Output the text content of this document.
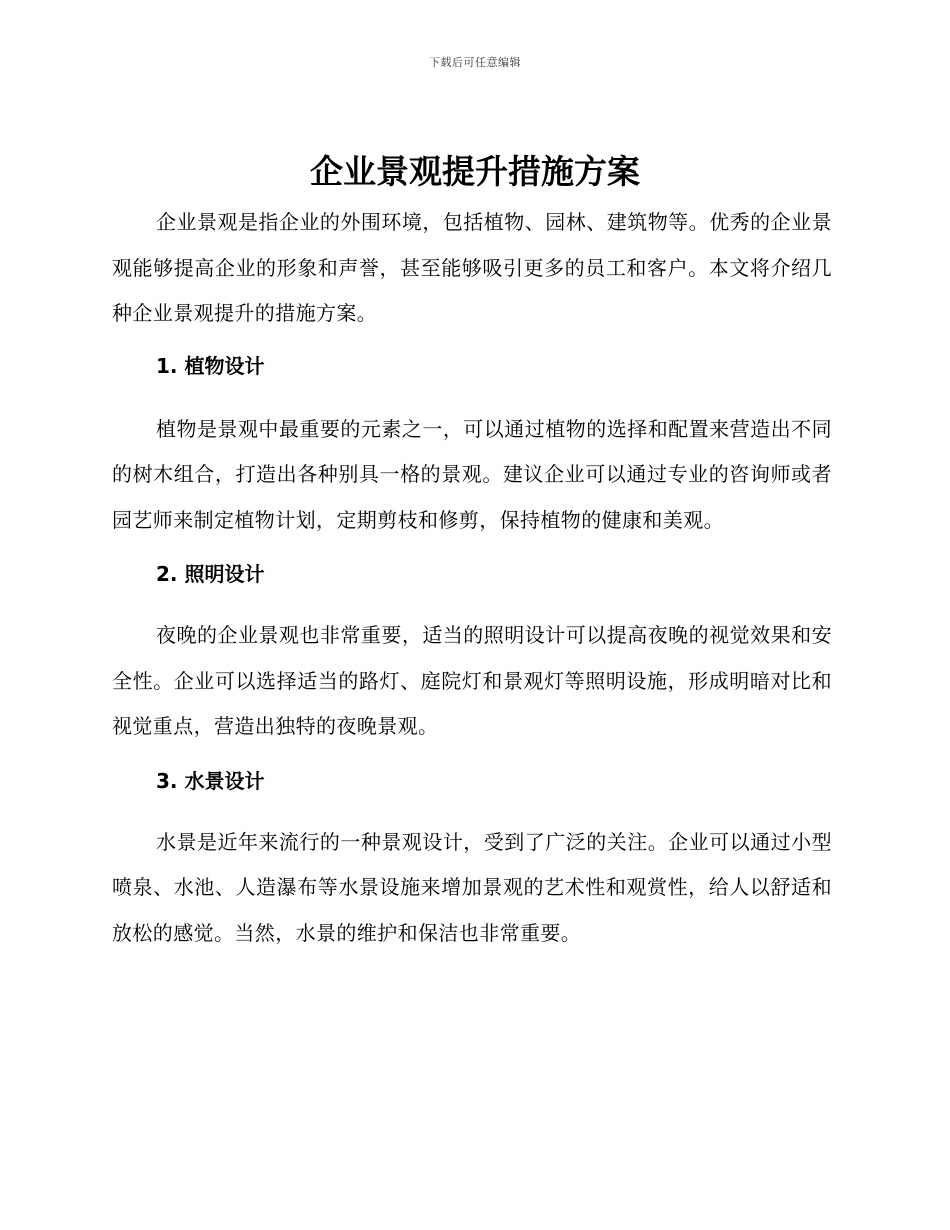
下载后可任意编辑
企业景观提升措施方案

企业景观是指企业的外围环境，包括植物、园林、建筑物等。优秀的企业景观能够提高企业的形象和声誉，甚至能够吸引更多的员工和客户。本文将介绍几种企业景观提升的措施方案。

1. 植物设计

植物是景观中最重要的元素之一，可以通过植物的选择和配置来营造出不同的树木组合，打造出各种别具一格的景观。建议企业可以通过专业的咨询师或者园艺师来制定植物计划，定期剪枝和修剪，保持植物的健康和美观。

2. 照明设计

夜晚的企业景观也非常重要，适当的照明设计可以提高夜晚的视觉效果和安全性。企业可以选择适当的路灯、庭院灯和景观灯等照明设施，形成明暗对比和视觉重点，营造出独特的夜晚景观。

3. 水景设计

水景是近年来流行的一种景观设计，受到了广泛的关注。企业可以通过小型喷泉、水池、人造瀑布等水景设施来增加景观的艺术性和观赏性，给人以舒适和放松的感觉。当然，水景的维护和保洁也非常重要。
